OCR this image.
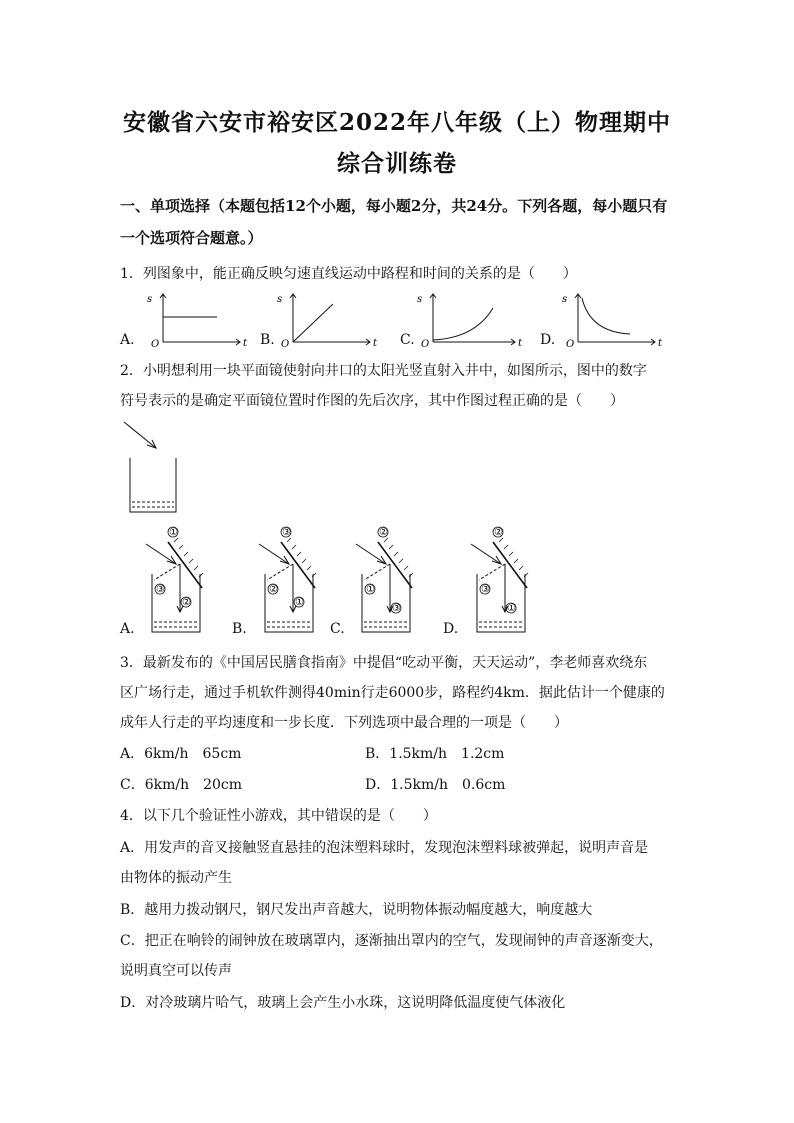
安徽省六安市裕安区2022年八年级（上）物理期中
综合训练卷
一、单项选择（本题包括12个小题，每小题2分，共24分。下列各题，每小题只有一个选项符合题意。）
1．列图象中，能正确反映匀速直线运动中路程和时间的关系的是（　　）
A.
s
t
O	B.
s
t
O	C.
s
t
O	D.
s
t
O
2．小明想利用一块平面镜使射向井口的太阳光竖直射入井中，如图所示，图中的数字
符号表示的是确定平面镜位置时作图的先后次序，其中作图过程正确的是（　　）
①
③
②
A.
③
②
①
B.
②
①
③
C.
②
③
①
D.
3．最新发布的《中国居民膳食指南》中提倡“吃动平衡，天天运动”，李老师喜欢绕东
区广场行走，通过手机软件测得40min行走6000步，路程约4km．据此估计一个健康的
成年人行走的平均速度和一步长度．下列选项中最合理的一项是（　　）
A．6km/h　65cm	B．1.5km/h　1.2cm
C．6km/h　20cm	D．1.5km/h　0.6cm
4．以下几个验证性小游戏，其中错误的是（　　）
A．用发声的音叉接触竖直悬挂的泡沫塑料球时，发现泡沫塑料球被弹起，说明声音是
由物体的振动产生
B．越用力拨动钢尺，钢尺发出声音越大，说明物体振动幅度越大，响度越大
C．把正在响铃的闹钟放在玻璃罩内，逐渐抽出罩内的空气，发现闹钟的声音逐渐变大，
说明真空可以传声
D．对冷玻璃片哈气，玻璃上会产生小水珠，这说明降低温度使气体液化
